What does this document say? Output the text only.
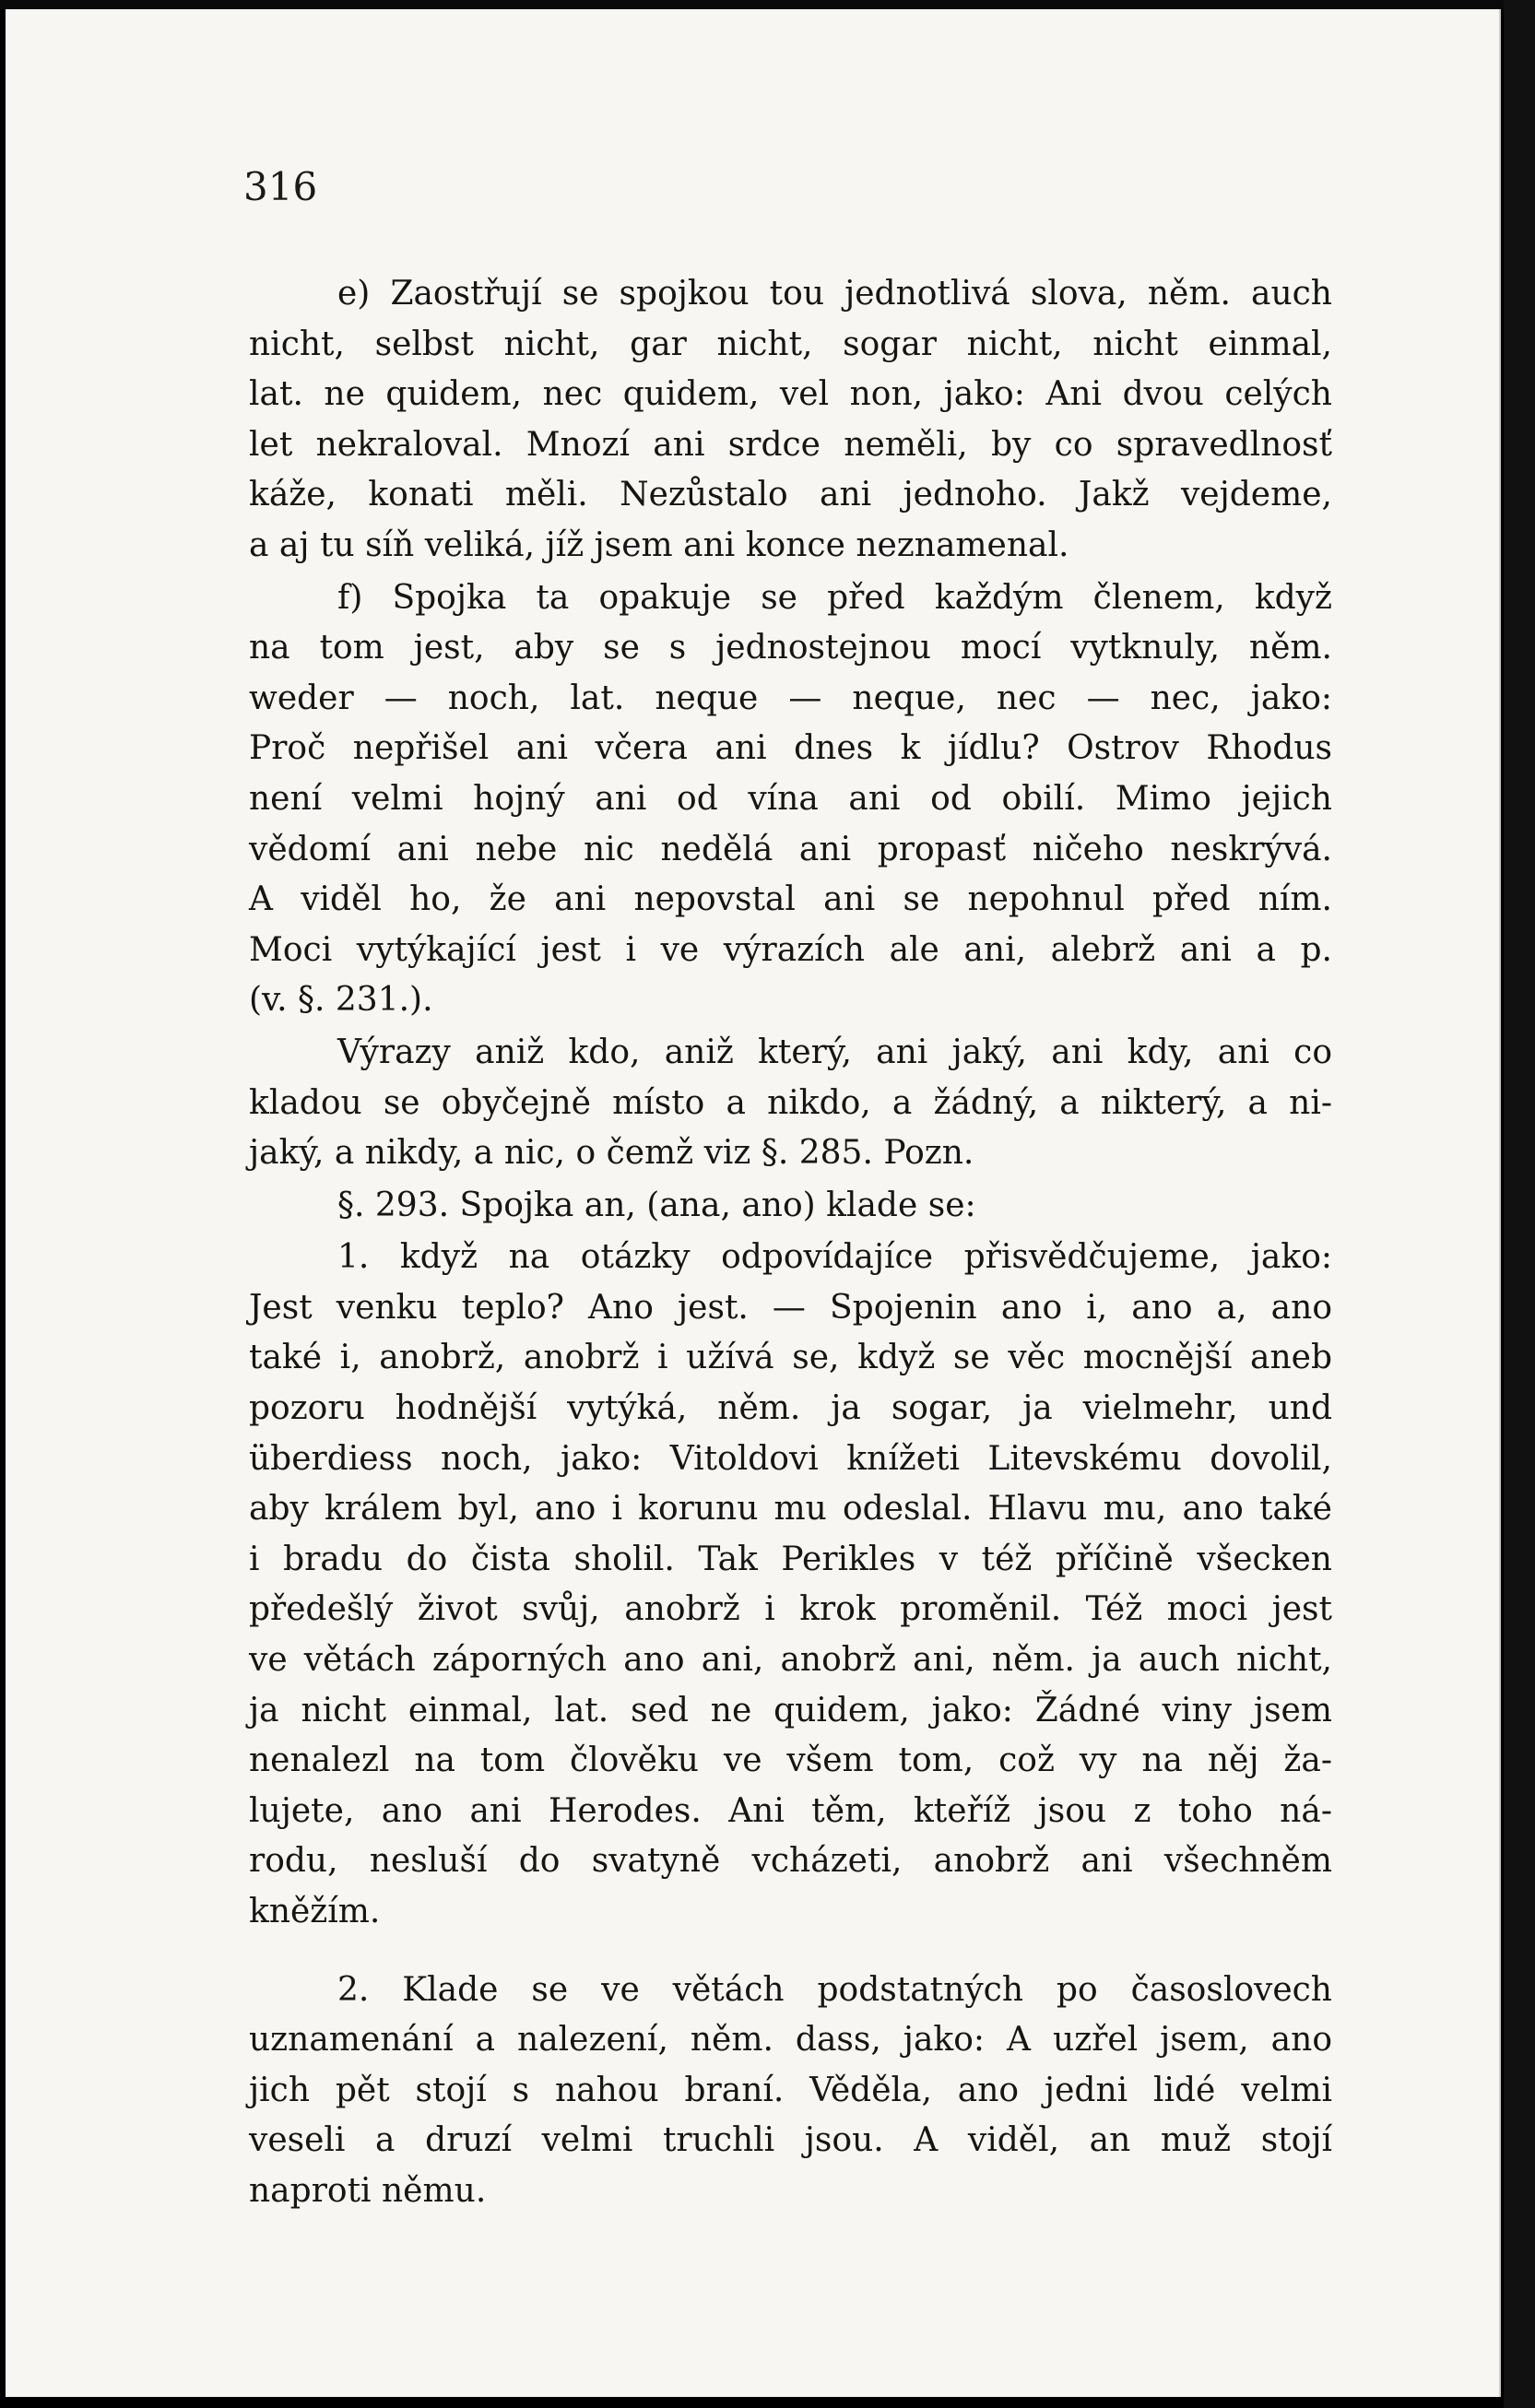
316

e) Zaostřují se spojkou tou jednotlivá slova, něm. auch
nicht, selbst nicht, gar nicht, sogar nicht, nicht einmal,
lat. ne quidem, nec quidem, vel non, jako: Ani dvou celých
let nekraloval. Mnozí ani srdce neměli, by co spravedlnosť
káže, konati měli. Nezůstalo ani jednoho. Jakž vejdeme,
a aj tu síň veliká, jíž jsem ani konce neznamenal.

f) Spojka ta opakuje se před každým členem, když
na tom jest, aby se s jednostejnou mocí vytknuly, něm.
weder — noch, lat. neque — neque, nec — nec, jako:
Proč nepřišel ani včera ani dnes k jídlu? Ostrov Rhodus
není velmi hojný ani od vína ani od obilí. Mimo jejich
vědomí ani nebe nic nedělá ani propasť ničeho neskrývá.
A viděl ho, že ani nepovstal ani se nepohnul před ním.
Moci vytýkající jest i ve výrazích ale ani, alebrž ani a p.
(v. §. 231.).

Výrazy aniž kdo, aniž který, ani jaký, ani kdy, ani co
kladou se obyčejně místo a nikdo, a žádný, a nikterý, a ni-
jaký, a nikdy, a nic, o čemž viz §. 285. Pozn.

§. 293. Spojka an, (ana, ano) klade se:

1. když na otázky odpovídajíce přisvědčujeme, jako:
Jest venku teplo? Ano jest. — Spojenin ano i, ano a, ano
také i, anobrž, anobrž i užívá se, když se věc mocnější aneb
pozoru hodnější vytýká, něm. ja sogar, ja vielmehr, und
überdiess noch, jako: Vitoldovi knížeti Litevskému dovolil,
aby králem byl, ano i korunu mu odeslal. Hlavu mu, ano také
i bradu do čista sholil. Tak Perikles v též příčině všecken
předešlý život svůj, anobrž i krok proměnil. Též moci jest
ve větách záporných ano ani, anobrž ani, něm. ja auch nicht,
ja nicht einmal, lat. sed ne quidem, jako: Žádné viny jsem
nenalezl na tom člověku ve všem tom, což vy na něj ža-
lujete, ano ani Herodes. Ani těm, kteříž jsou z toho ná-
rodu, nesluší do svatyně vcházeti, anobrž ani všechněm
kněžím.

2. Klade se ve větách podstatných po časoslovech
uznamenání a nalezení, něm. dass, jako: A uzřel jsem, ano
jich pět stojí s nahou braní. Věděla, ano jedni lidé velmi
veseli a druzí velmi truchli jsou. A viděl, an muž stojí
naproti němu.
